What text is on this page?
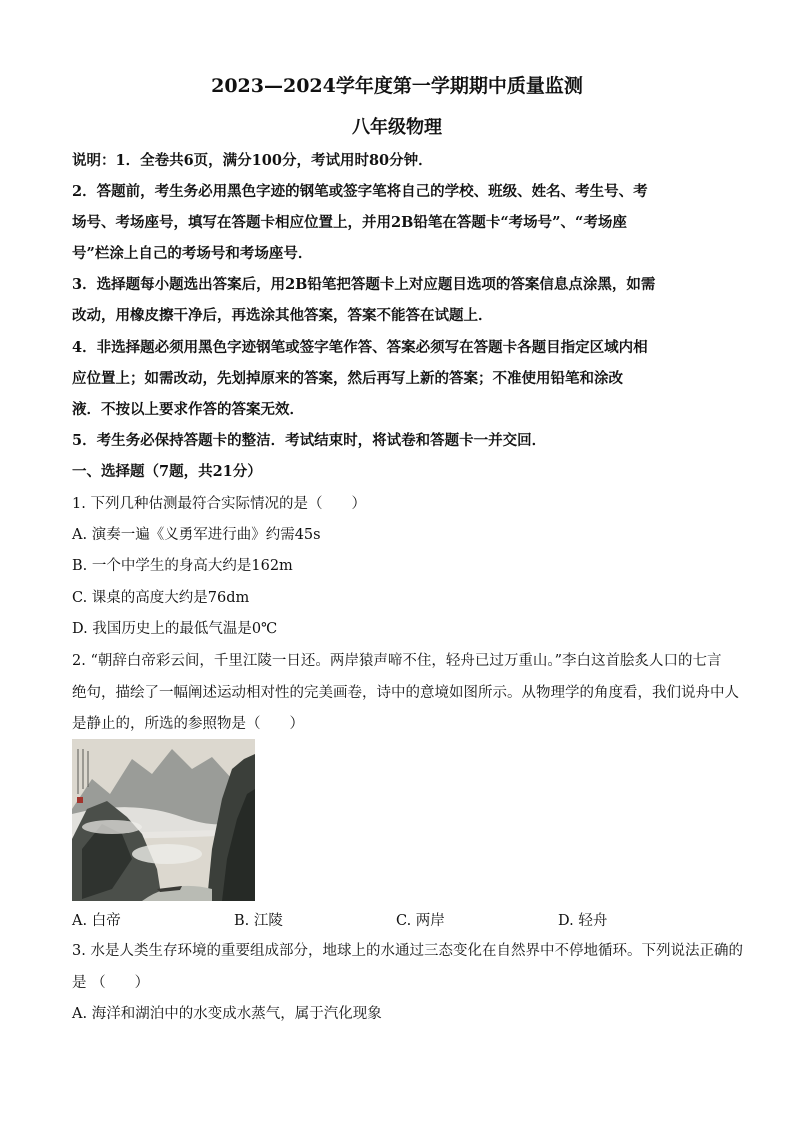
2023—2024学年度第一学期期中质量监测
八年级物理
说明：1．全卷共6页，满分100分，考试用时80分钟．
2．答题前，考生务必用黑色字迹的钢笔或签字笔将自己的学校、班级、姓名、考生号、考
场号、考场座号，填写在答题卡相应位置上，并用2B铅笔在答题卡“考场号”、“考场座
号”栏涂上自己的考场号和考场座号．
3．选择题每小题选出答案后，用2B铅笔把答题卡上对应题目选项的答案信息点涂黑，如需
改动，用橡皮擦干净后，再选涂其他答案，答案不能答在试题上．
4．非选择题必须用黑色字迹钢笔或签字笔作答、答案必须写在答题卡各题目指定区域内相
应位置上；如需改动，先划掉原来的答案，然后再写上新的答案；不准使用铅笔和涂改
液．不按以上要求作答的答案无效．
5．考生务必保持答题卡的整洁．考试结束时，将试卷和答题卡一并交回．
一、选择题（7题，共21分）
1. 下列几种估测最符合实际情况的是（　　）
A. 演奏一遍《义勇军进行曲》约需45s
B. 一个中学生的身高大约是162m
C. 课桌的高度大约是76dm
D. 我国历史上的最低气温是0℃
2. “朝辞白帝彩云间，千里江陵一日还。两岸猿声啼不住，轻舟已过万重山。”李白这首脍炙人口的七言
绝句，描绘了一幅阐述运动相对性的完美画卷，诗中的意境如图所示。从物理学的角度看，我们说舟中人
是静止的，所选的参照物是（　　）
A. 白帝	B. 江陵	C. 两岸	D. 轻舟
3. 水是人类生存环境的重要组成部分，地球上的水通过三态变化在自然界中不停地循环。下列说法正确的
是 （　　）
A. 海洋和湖泊中的水变成水蒸气，属于汽化现象
